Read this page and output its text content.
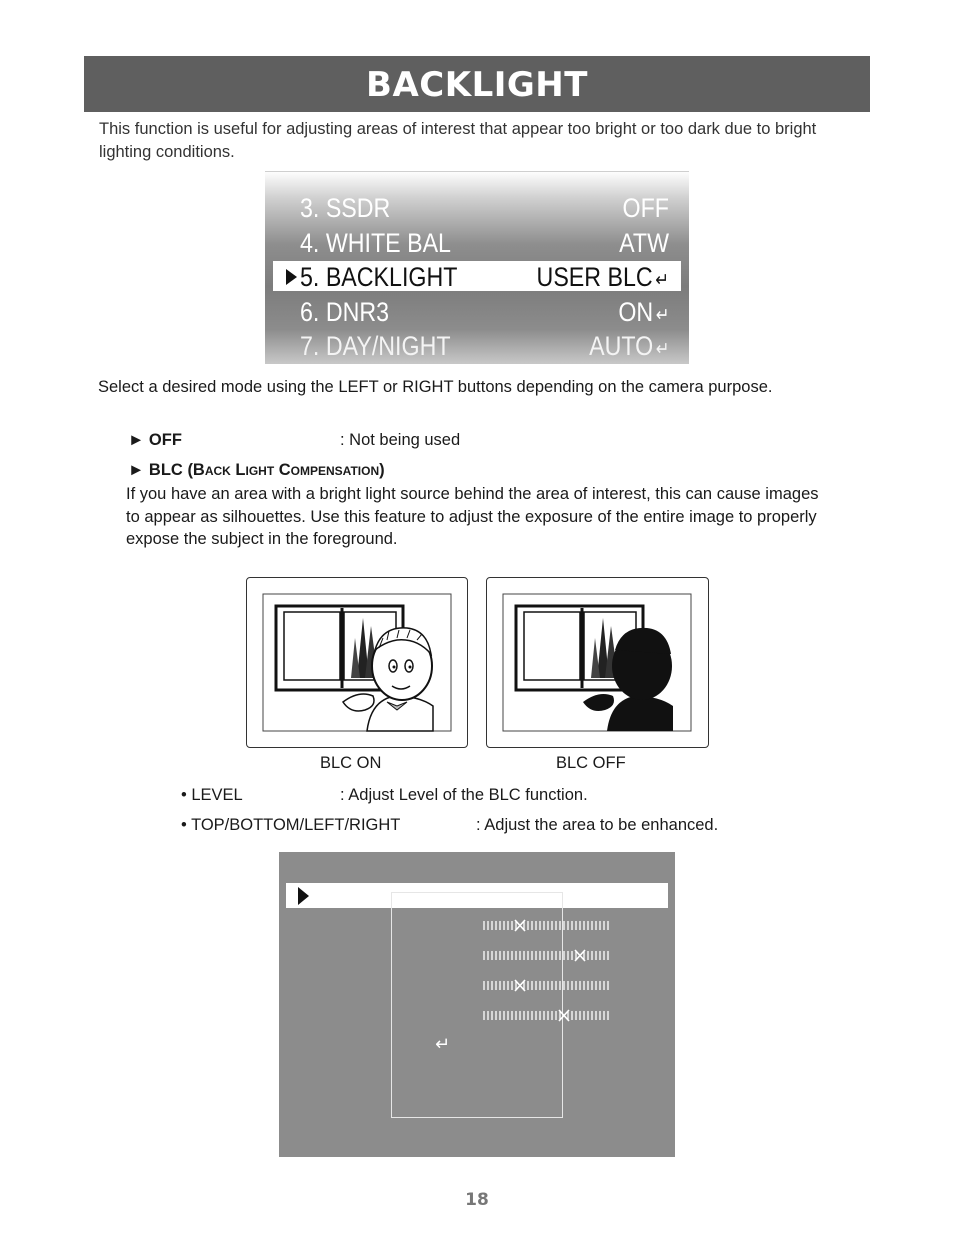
BACKLIGHT
This function is useful for adjusting areas of interest that appear too bright or too dark due to bright lighting conditions.
3. SSDR	OFF
4. WHITE BAL	ATW
5. BACKLIGHT	USER BLC ↵
6. DNR3	ON ↵
7. DAY/NIGHT	AUTO ↵
Select a desired mode using the LEFT or RIGHT buttons depending on the camera purpose.
► OFF	: Not being used
► BLC (Back Light Compensation)
If you have an area with a bright light source behind the area of interest, this can cause images to appear as silhouettes. Use this feature to adjust the exposure of the entire image to properly expose the subject in the foreground.
BLC ON	BLC OFF
• LEVEL	: Adjust Level of the BLC function.
• TOP/BOTTOM/LEFT/RIGHT	: Adjust the area to be enhanced.
↵
18
